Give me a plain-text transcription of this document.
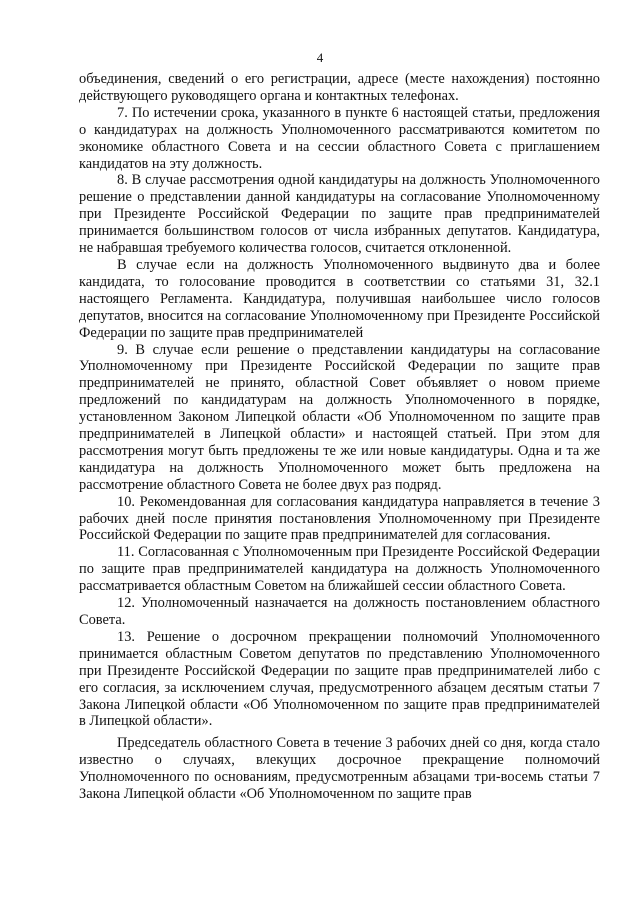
4

объединения, сведений о его регистрации, адресе (месте нахождения) постоянно действующего руководящего органа и контактных телефонах.

7. По истечении срока, указанного в пункте 6 настоящей статьи, предложения о кандидатурах на должность Уполномоченного рассматриваются комитетом по экономике областного Совета и на сессии областного Совета с приглашением кандидатов на эту должность.

8. В случае рассмотрения одной кандидатуры на должность Уполномоченного решение о представлении данной кандидатуры на согласование Уполномоченному при Президенте Российской Федерации по защите прав предпринимателей принимается большинством голосов от числа избранных депутатов. Кандидатура, не набравшая требуемого количества голосов, считается отклоненной.

В случае если на должность Уполномоченного выдвинуто два и более кандидата, то голосование проводится в соответствии со статьями 31, 32.1 настоящего Регламента. Кандидатура, получившая наибольшее число голосов депутатов, вносится на согласование Уполномоченному при Президенте Российской Федерации по защите прав предпринимателей

9. В случае если решение о представлении кандидатуры на согласование Уполномоченному при Президенте Российской Федерации по защите прав предпринимателей не принято, областной Совет объявляет о новом приеме предложений по кандидатурам на должность Уполномоченного в порядке, установленном Законом Липецкой области «Об Уполномоченном по защите прав предпринимателей в Липецкой области» и настоящей статьей. При этом для рассмотрения могут быть предложены те же или новые кандидатуры. Одна и та же кандидатура на должность Уполномоченного может быть предложена на рассмотрение областного Совета не более двух раз подряд.

10. Рекомендованная для согласования кандидатура направляется в течение 3 рабочих дней после принятия постановления Уполномоченному при Президенте Российской Федерации по защите прав предпринимателей для согласования.

11. Согласованная с Уполномоченным при Президенте Российской Федерации по защите прав предпринимателей кандидатура на должность Уполномоченного рассматривается областным Советом на ближайшей сессии областного Совета.

12. Уполномоченный назначается на должность постановлением областного Совета.

13. Решение о досрочном прекращении полномочий Уполномоченного принимается областным Советом депутатов по представлению Уполномоченного при Президенте Российской Федерации по защите прав предпринимателей либо с его согласия, за исключением случая, предусмотренного абзацем десятым статьи 7 Закона Липецкой области «Об Уполномоченном по защите прав предпринимателей в Липецкой области».

Председатель областного Совета в течение 3 рабочих дней со дня, когда стало известно о случаях, влекущих досрочное прекращение полномочий Уполномоченного по основаниям, предусмотренным абзацами три-восемь статьи 7 Закона Липецкой области «Об Уполномоченном по защите прав
